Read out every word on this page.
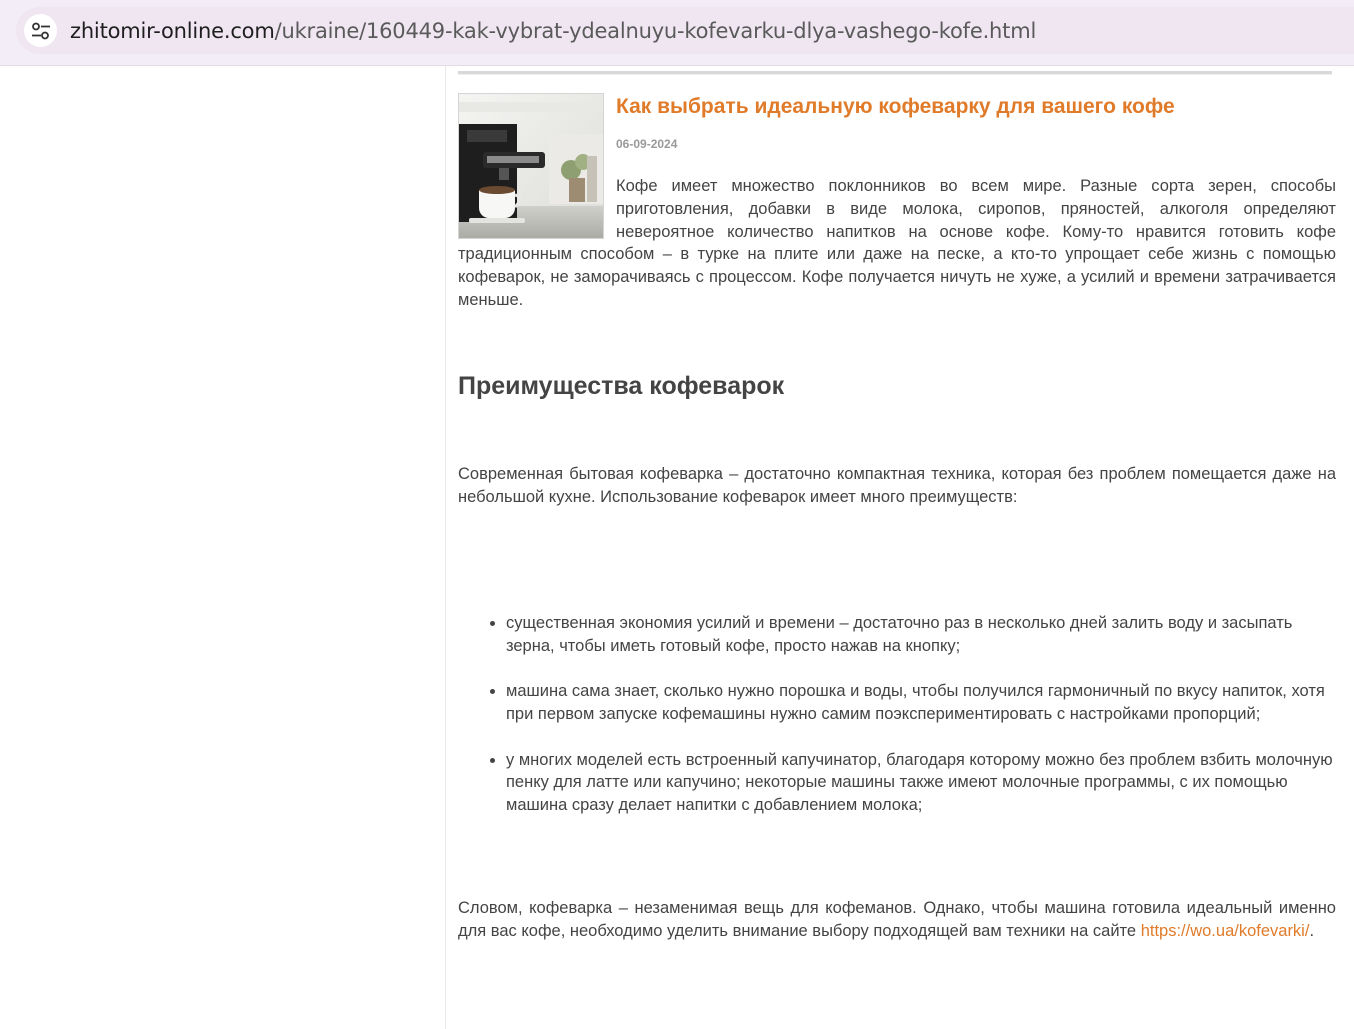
zhitomir-online.com/ukraine/160449-kak-vybrat-ydealnuyu-kofevarku-dlya-vashego-kofe.html
Как выбрать идеальную кофеварку для вашего кофе
06-09-2024

Кофе имеет множество поклонников во всем мире. Разные сорта зерен, способы приготовления, добавки в виде молока, сиропов, пряностей, алкоголя определяют невероятное количество напитков на основе кофе. Кому-то нравится готовить кофе традиционным способом – в турке на плите или даже на песке, а кто-то упрощает себе жизнь с помощью кофеварок, не заморачиваясь с процессом. Кофе получается ничуть не хуже, а усилий и времени затрачивается меньше.

Преимущества кофеварок

Современная бытовая кофеварка – достаточно компактная техника, которая без проблем помещается даже на небольшой кухне. Использование кофеварок имеет много преимуществ:

• существенная экономия усилий и времени – достаточно раз в несколько дней залить воду и засыпать зерна, чтобы иметь готовый кофе, просто нажав на кнопку;
• машина сама знает, сколько нужно порошка и воды, чтобы получился гармоничный по вкусу напиток, хотя при первом запуске кофемашины нужно самим поэкспериментировать с настройками пропорций;
• у многих моделей есть встроенный капучинатор, благодаря которому можно без проблем взбить молочную пенку для латте или капучино; некоторые машины также имеют молочные программы, с их помощью машина сразу делает напитки с добавлением молока;

Словом, кофеварка – незаменимая вещь для кофеманов. Однако, чтобы машина готовила идеальный именно для вас кофе, необходимо уделить внимание выбору подходящей вам техники на сайте https://wo.ua/kofevarki/.
